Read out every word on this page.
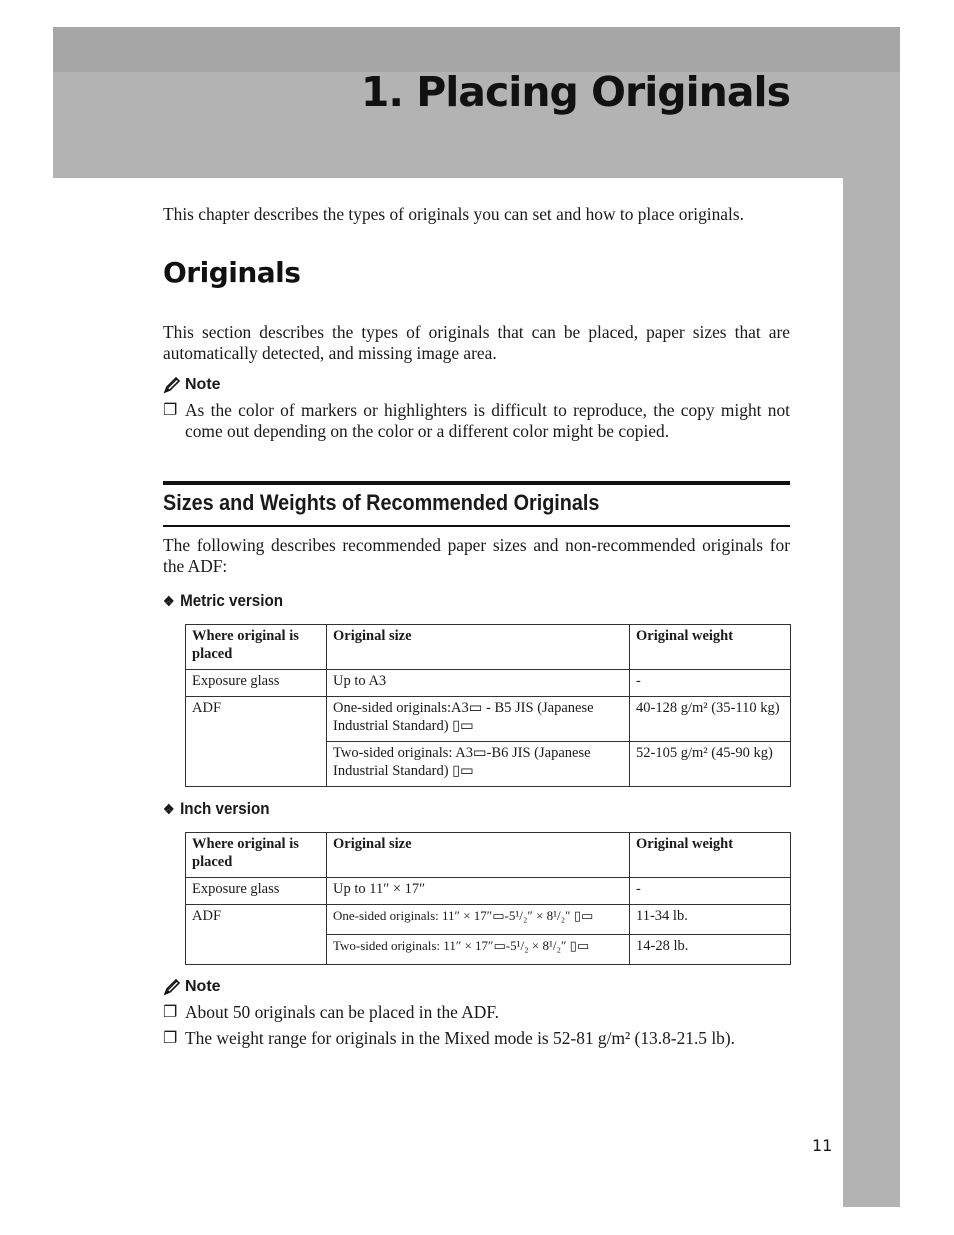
1. Placing Originals

This chapter describes the types of originals you can set and how to place originals.

Originals

This section describes the types of originals that can be placed, paper sizes that are automatically detected, and missing image area.

Note
❐ As the color of markers or highlighters is difficult to reproduce, the copy might not come out depending on the color or a different color might be copied.
Sizes and Weights of Recommended Originals

The following describes recommended paper sizes and non-recommended originals for the ADF:

❖ Metric version
Where original is placed	Original size	Original weight
Exposure glass	Up to A3	-
ADF	One-sided originals:A3▭ - B5 JIS (Japanese Industrial Standard) ▯▭	40-128 g/m² (35-110 kg)
	Two-sided originals: A3▭-B6 JIS (Japanese Industrial Standard) ▯▭	52-105 g/m² (45-90 kg)
❖ Inch version
Where original is placed	Original size	Original weight
Exposure glass	Up to 11″ × 17″	-
ADF	One-sided originals: 11″ × 17″▭-5¹/₂″ × 8¹/₂″ ▯▭	11-34 lb.
	Two-sided originals: 11″ × 17″▭-5¹/₂ × 8¹/₂″ ▯▭	14-28 lb.
Note
❐ About 50 originals can be placed in the ADF.
❐ The weight range for originals in the Mixed mode is 52-81 g/m² (13.8-21.5 lb).
11
